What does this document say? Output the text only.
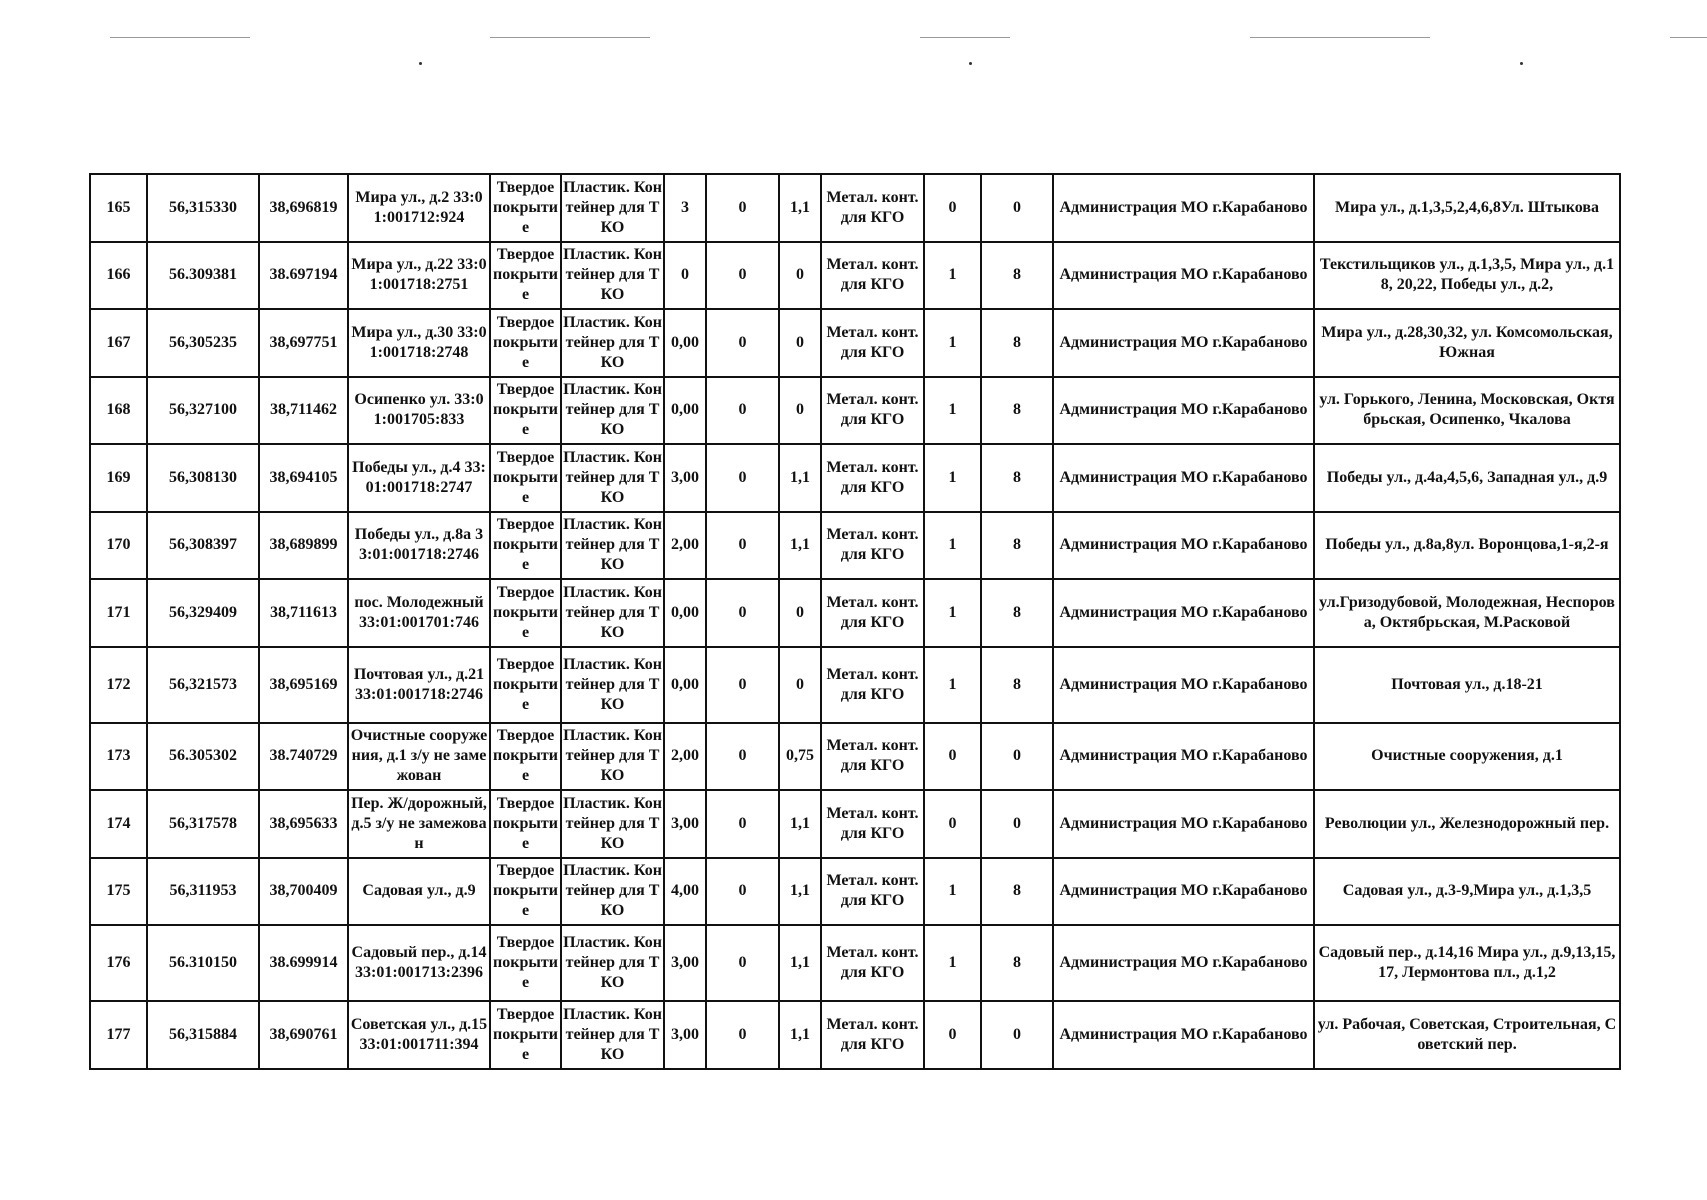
165	56,315330	38,696819	Мира ул., д.2 33:01:001712:924	Твердое покрытие	Пластик. Контейнер для ТКО	3	0	1,1	Метал. конт. для КГО	0	0	Администрация МО г.Карабаново	Мира ул., д.1,3,5,2,4,6,8Ул. Штыкова
166	56.309381	38.697194	Мира ул., д.22 33:01:001718:2751	Твердое покрытие	Пластик. Контейнер для ТКО	0	0	0	Метал. конт. для КГО	1	8	Администрация МО г.Карабаново	Текстильщиков ул., д.1,3,5, Мира ул., д.18, 20,22, Победы ул., д.2,
167	56,305235	38,697751	Мира ул., д.30 33:01:001718:2748	Твердое покрытие	Пластик. Контейнер для ТКО	0,00	0	0	Метал. конт. для КГО	1	8	Администрация МО г.Карабаново	Мира ул., д.28,30,32, ул. Комсомольская, Южная
168	56,327100	38,711462	Осипенко ул. 33:01:001705:833	Твердое покрытие	Пластик. Контейнер для ТКО	0,00	0	0	Метал. конт. для КГО	1	8	Администрация МО г.Карабаново	ул. Горького, Ленина, Московская, Октябрьская, Осипенко, Чкалова
169	56,308130	38,694105	Победы ул., д.4 33:01:001718:2747	Твердое покрытие	Пластик. Контейнер для ТКО	3,00	0	1,1	Метал. конт. для КГО	1	8	Администрация МО г.Карабаново	Победы ул., д.4а,4,5,6, Западная ул., д.9
170	56,308397	38,689899	Победы ул., д.8а 33:01:001718:2746	Твердое покрытие	Пластик. Контейнер для ТКО	2,00	0	1,1	Метал. конт. для КГО	1	8	Администрация МО г.Карабаново	Победы ул., д.8а,8ул. Воронцова,1-я,2-я
171	56,329409	38,711613	пос. Молодежный 33:01:001701:746	Твердое покрытие	Пластик. Контейнер для ТКО	0,00	0	0	Метал. конт. для КГО	1	8	Администрация МО г.Карабаново	ул.Гризодубовой, Молодежная, Неспорова, Октябрьская, М.Расковой
172	56,321573	38,695169	Почтовая ул., д.21 33:01:001718:2746	Твердое покрытие	Пластик. Контейнер для ТКО	0,00	0	0	Метал. конт. для КГО	1	8	Администрация МО г.Карабаново	Почтовая ул., д.18-21
173	56.305302	38.740729	Очистные сооружения, д.1 з/у не замежован	Твердое покрытие	Пластик. Контейнер для ТКО	2,00	0	0,75	Метал. конт. для КГО	0	0	Администрация МО г.Карабаново	Очистные сооружения, д.1
174	56,317578	38,695633	Пер. Ж/дорожный, д.5 з/у не замежован	Твердое покрытие	Пластик. Контейнер для ТКО	3,00	0	1,1	Метал. конт. для КГО	0	0	Администрация МО г.Карабаново	Революции ул., Железнодорожный пер.
175	56,311953	38,700409	Садовая ул., д.9	Твердое покрытие	Пластик. Контейнер для ТКО	4,00	0	1,1	Метал. конт. для КГО	1	8	Администрация МО г.Карабаново	Садовая ул., д.3-9,Мира ул., д.1,3,5
176	56.310150	38.699914	Садовый пер., д.14 33:01:001713:2396	Твердое покрытие	Пластик. Контейнер для ТКО	3,00	0	1,1	Метал. конт. для КГО	1	8	Администрация МО г.Карабаново	Садовый пер., д.14,16 Мира ул., д.9,13,15,17, Лермонтова пл., д.1,2
177	56,315884	38,690761	Советская ул., д.15 33:01:001711:394	Твердое покрытие	Пластик. Контейнер для ТКО	3,00	0	1,1	Метал. конт. для КГО	0	0	Администрация МО г.Карабаново	ул. Рабочая, Советская, Строительная, Советский пер.
